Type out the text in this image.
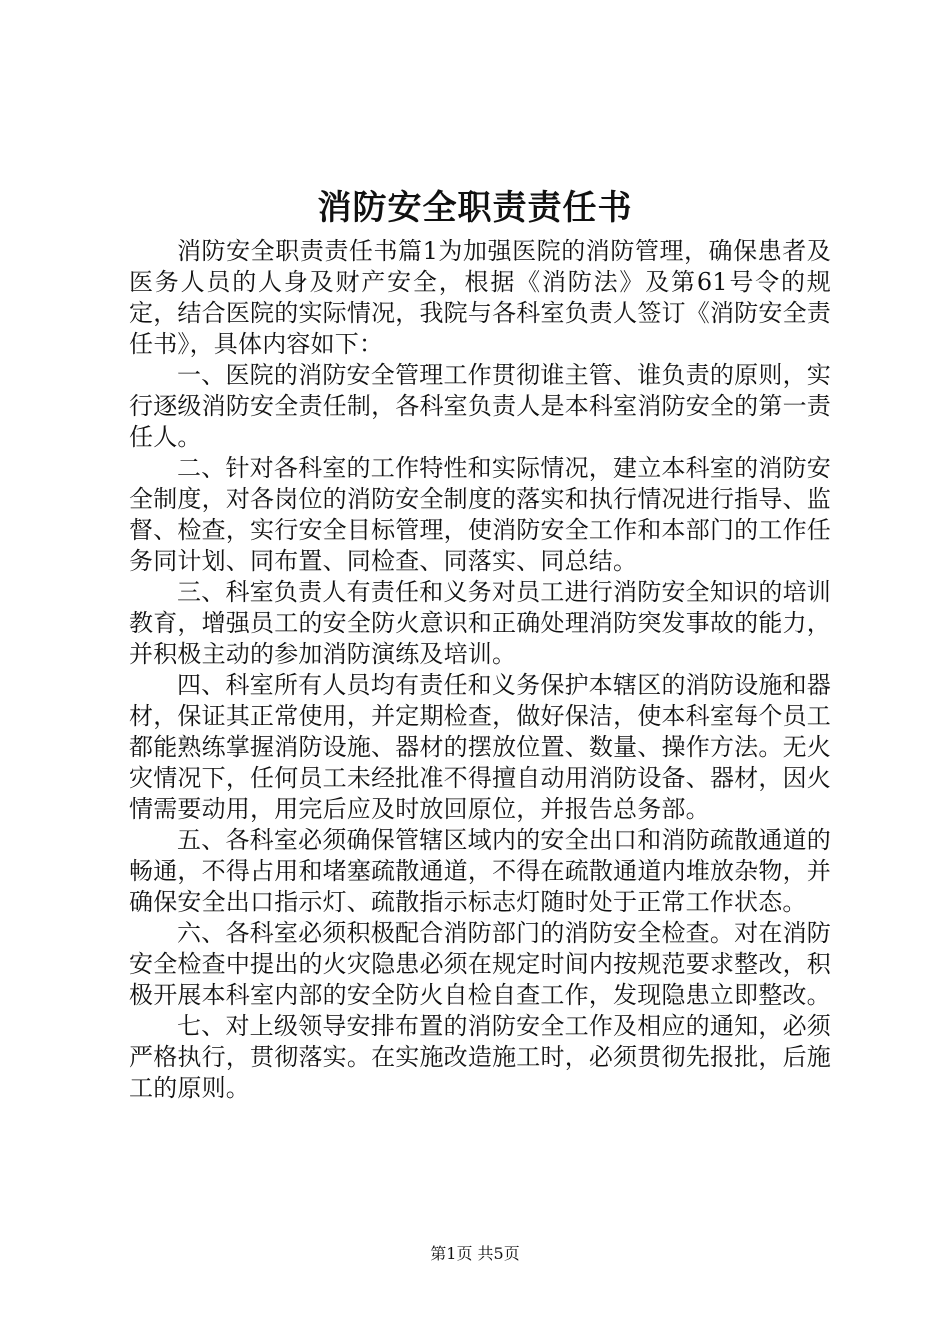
消防安全职责责任书

消防安全职责责任书篇1为加强医院的消防管理，确保患者及医务人员的人身及财产安全，根据《消防法》及第61号令的规定，结合医院的实际情况，我院与各科室负责人签订《消防安全责任书》，具体内容如下：

一、医院的消防安全管理工作贯彻谁主管、谁负责的原则，实行逐级消防安全责任制，各科室负责人是本科室消防安全的第一责任人。

二、针对各科室的工作特性和实际情况，建立本科室的消防安全制度，对各岗位的消防安全制度的落实和执行情况进行指导、监督、检查，实行安全目标管理，使消防安全工作和本部门的工作任务同计划、同布置、同检查、同落实、同总结。

三、科室负责人有责任和义务对员工进行消防安全知识的培训教育，增强员工的安全防火意识和正确处理消防突发事故的能力，并积极主动的参加消防演练及培训。

四、科室所有人员均有责任和义务保护本辖区的消防设施和器材，保证其正常使用，并定期检查，做好保洁，使本科室每个员工都能熟练掌握消防设施、器材的摆放位置、数量、操作方法。无火灾情况下，任何员工未经批准不得擅自动用消防设备、器材，因火情需要动用，用完后应及时放回原位，并报告总务部。

五、各科室必须确保管辖区域内的安全出口和消防疏散通道的畅通，不得占用和堵塞疏散通道，不得在疏散通道内堆放杂物，并确保安全出口指示灯、疏散指示标志灯随时处于正常工作状态。

六、各科室必须积极配合消防部门的消防安全检查。对在消防安全检查中提出的火灾隐患必须在规定时间内按规范要求整改，积极开展本科室内部的安全防火自检自查工作，发现隐患立即整改。

七、对上级领导安排布置的消防安全工作及相应的通知，必须严格执行，贯彻落实。在实施改造施工时，必须贯彻先报批，后施工的原则。

第1页 共5页
